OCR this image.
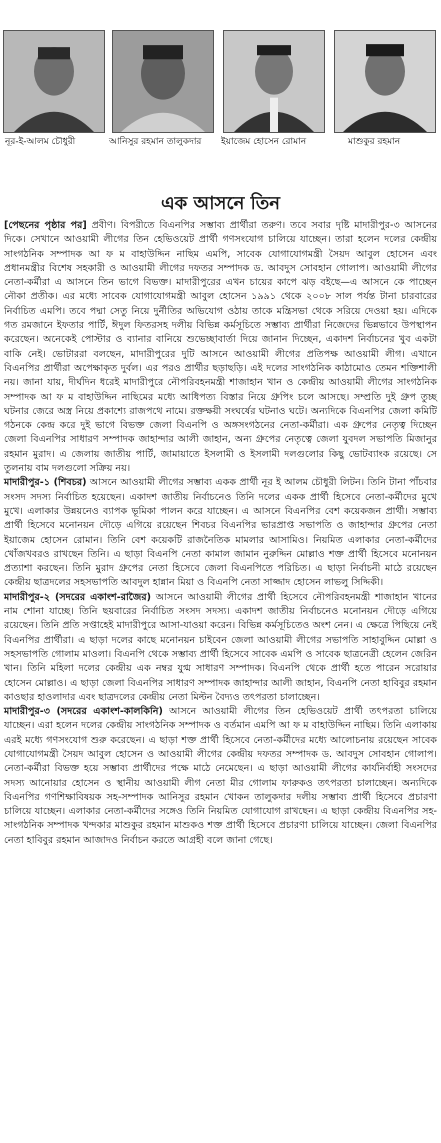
নূর-ই-আলম চৌধুরী	আনিসুর রহমান তালুকদার ইয়াজেম হোসেন রোমান	মাশুকুর রহমান
এক আসনে তিন

[পেছনের পৃষ্ঠার পর] প্রবীণ। বিপরীতে বিএনপির সম্ভাব্য প্রার্থীরা তরুণ। তবে সবার দৃষ্টি মাদারীপুর-৩ আসনের দিকে। সেখানে আওয়ামী লীগের তিন হেভিওয়েট প্রার্থী গণসংযোগ চালিয়ে যাচ্ছেন। তারা হলেন দলের কেন্দ্রীয় সাংগঠনিক সম্পাদক আ ফ ম বাহাউদ্দিন নাছিম এমপি, সাবেক যোগাযোগমন্ত্রী সৈয়দ আবুল হোসেন এবং প্রধানমন্ত্রীর বিশেষ সহকারী ও আওয়ামী লীগের দফতর সম্পাদক ড. আবদুস সোবহান গোলাপ। আওয়ামী লীগের নেতা-কর্মীরা এ আসনে তিন ভাগে বিভক্ত। মাদারীপুরের এখন চায়ের কাপে ঝড় বইছে—এ আসনে কে পাচ্ছেন নৌকা প্রতীক। এর মধ্যে সাবেক যোগাযোগমন্ত্রী আবুল হোসেন ১৯৯১ থেকে ২০০৮ সাল পর্যন্ত টানা চারবারের নির্বাচিত এমপি। তবে পদ্মা সেতু নিয়ে দুর্নীতির অভিযোগ ওঠায় তাকে মন্ত্রিসভা থেকে সরিয়ে দেওয়া হয়। এদিকে গত রমজানে ইফতার পার্টি, ঈদুল ফিতরসহ দলীয় বিভিন্ন কর্মসূচিতে সম্ভাব্য প্রার্থীরা নিজেদের ভিন্নভাবে উপস্থাপন করেছেন। অনেকেই পোস্টার ও ব্যানার বানিয়ে শুভেচ্ছাবার্তা দিয়ে জানান দিচ্ছেন, একাদশ নির্বাচনের খুব একটা বাকি নেই। ভোটাররা বলছেন, মাদারীপুরের দুটি আসনে আওয়ামী লীগের প্রতিপক্ষ আওয়ামী লীগ। এখানে বিএনপির প্রার্থীরা অপেক্ষাকৃত দুর্বল। এর পরও প্রার্থীর ছড়াছড়ি। এই দলের সাংগঠনিক কাঠামোও তেমন শক্তিশালী নয়। জানা যায়, দীর্ঘদিন ধরেই মাদারীপুরে নৌপরিবহনমন্ত্রী শাজাহান খান ও কেন্দ্রীয় আওয়ামী লীগের সাংগঠনিক সম্পাদক আ ফ ম বাহাউদ্দিন নাছিমের মধ্যে আধিপত্য বিস্তার নিয়ে গ্রুপিং চলে আসছে। সম্প্রতি দুই গ্রুপ তুচ্ছ ঘটনার জেরে অস্ত্র নিয়ে প্রকাশ্যে রাজপথে নামে। রক্তক্ষয়ী সংঘর্ষের ঘটনাও ঘটে। অন্যদিকে বিএনপির জেলা কমিটি গঠনকে কেন্দ্র করে দুই ভাগে বিভক্ত জেলা বিএনপি ও অঙ্গসংগঠনের নেতা-কর্মীরা। এক গ্রুপের নেতৃত্ব দিচ্ছেন জেলা বিএনপির সাধারণ সম্পাদক জাহান্দার আলী জাহান, অন্য গ্রুপের নেতৃত্বে জেলা যুবদল সভাপতি মিজানুর রহমান মুরাদ। এ জেলায় জাতীয় পার্টি, জামায়াতে ইসলামী ও ইসলামী দলগুলোর কিছু ভোটব্যাংক রয়েছে। সে তুলনায় বাম দলগুলো সক্রিয় নয়।

মাদারীপুর-১ (শিবচর) আসনে আওয়ামী লীগের সম্ভাব্য একক প্রার্থী নূর ই আলম চৌধুরী লিটন। তিনি টানা পাঁচবার সংসদ সদস্য নির্বাচিত হয়েছেন। একাদশ জাতীয় নির্বাচনেও তিনি দলের একক প্রার্থী হিসেবে নেতা-কর্মীদের মুখে মুখে। এলাকার উন্নয়নেও ব্যাপক ভূমিকা পালন করে যাচ্ছেন। এ আসনে বিএনপির বেশ কয়েকজন প্রার্থী। সম্ভাব্য প্রার্থী হিসেবে মনোনয়ন দৌড়ে এগিয়ে রয়েছেন শিবচর বিএনপির ভারপ্রাপ্ত সভাপতি ও জাহান্দার গ্রুপের নেতা ইয়াজেম হোসেন রোমান। তিনি বেশ কয়েকটি রাজনৈতিক মামলার আসামিও। নিয়মিত এলাকার নেতা-কর্মীদের খোঁজখবরও রাখছেন তিনি। এ ছাড়া বিএনপি নেতা কামাল জামান নুরুদ্দিন মোল্লাও শক্ত প্রার্থী হিসেবে মনোনয়ন প্রত্যাশা করছেন। তিনি মুরাদ গ্রুপের নেতা হিসেবে জেলা বিএনপিতে পরিচিত। এ ছাড়া নির্বাচনী মাঠে রয়েছেন কেন্দ্রীয় ছাত্রদলের সহসভাপতি আবদুল হান্নান মিয়া ও বিএনপি নেতা সাজ্জাদ হোসেন লাভলু সিদ্দিকী।

মাদারীপুর-২ (সদরের একাংশ-রাজৈর) আসনে আওয়ামী লীগের প্রার্থী হিসেবে নৌপরিবহনমন্ত্রী শাজাহান খানের নাম শোনা যাচ্ছে। তিনি ছয়বারের নির্বাচিত সংসদ সদস্য। একাদশ জাতীয় নির্বাচনেও মনোনয়ন দৌড়ে এগিয়ে রয়েছেন। তিনি প্রতি সপ্তাহেই মাদারীপুরে আসা-যাওয়া করেন। বিভিন্ন কর্মসূচিতেও অংশ নেন। এ ক্ষেত্রে পিছিয়ে নেই বিএনপির প্রার্থীরা। এ ছাড়া দলের কাছে মনোনয়ন চাইবেন জেলা আওয়ামী লীগের সভাপতি সাহাবুদ্দিন মোল্লা ও সহসভাপতি গোলাম মাওলা। বিএনপি থেকে সম্ভাব্য প্রার্থী হিসেবে সাবেক এমপি ও সাবেক ছাত্রনেত্রী হেলেন জেরিন খান। তিনি মহিলা দলের কেন্দ্রীয় এক নম্বর যুগ্ম সাধারণ সম্পাদক। বিএনপি থেকে প্রার্থী হতে পারেন সরোয়ার হোসেন মোল্লাও। এ ছাড়া জেলা বিএনপির সাধারণ সম্পাদক জাহান্দার আলী জাহান, বিএনপি নেতা হাবিবুর রহমান কাওছার হাওলাদার এবং ছাত্রদলের কেন্দ্রীয় নেতা মিল্টন বৈদ্যও তৎপরতা চালাচ্ছেন।

মাদারীপুর-৩ (সদরের একাংশ-কালকিনি) আসনে আওয়ামী লীগের তিন হেভিওয়েট প্রার্থী তৎপরতা চালিয়ে যাচ্ছেন। এরা হলেন দলের কেন্দ্রীয় সাংগঠনিক সম্পাদক ও বর্তমান এমপি আ ফ ম বাহাউদ্দিন নাছিম। তিনি এলাকায় এরই মধ্যে গণসংযোগ শুরু করেছেন। এ ছাড়া শক্ত প্রার্থী হিসেবে নেতা-কর্মীদের মধ্যে আলোচনায় রয়েছেন সাবেক যোগাযোগমন্ত্রী সৈয়দ আবুল হোসেন ও আওয়ামী লীগের কেন্দ্রীয় দফতর সম্পাদক ড. আবদুস সোবহান গোলাপ। নেতা-কর্মীরা বিভক্ত হয়ে সম্ভাব্য প্রার্থীদের পক্ষে মাঠে নেমেছেন। এ ছাড়া আওয়ামী লীগের কার্যনির্বাহী সংসদের সদস্য আনোয়ার হোসেন ও স্থানীয় আওয়ামী লীগ নেতা মীর গোলাম ফারুকও তৎপরতা চালাচ্ছেন। অন্যদিকে বিএনপির গণশিক্ষাবিষয়ক সহ-সম্পাদক আনিসুর রহমান খোকন তালুকদার দলীয় সম্ভাব্য প্রার্থী হিসেবে প্রচারণা চালিয়ে যাচ্ছেন। এলাকার নেতা-কর্মীদের সঙ্গেও তিনি নিয়মিত যোগাযোগ রাখছেন। এ ছাড়া কেন্দ্রীয় বিএনপির সহ-সাংগঠনিক সম্পাদক খন্দকার মাশুকুর রহমান মাশুকও শক্ত প্রার্থী হিসেবে প্রচারণা চালিয়ে যাচ্ছেন। জেলা বিএনপির নেতা হাবিবুর রহমান আজাদও নির্বাচন করতে আগ্রহী বলে জানা গেছে।
